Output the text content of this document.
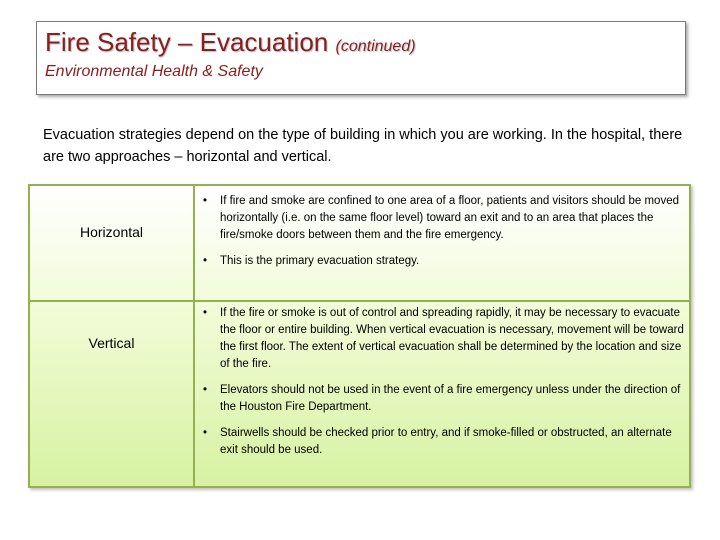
Fire Safety – Evacuation (continued)
Environmental Health & Safety
Evacuation strategies depend on the type of building in which you are working. In the hospital, there are two approaches – horizontal and vertical.
Horizontal
• If fire and smoke are confined to one area of a floor, patients and visitors should be moved horizontally (i.e. on the same floor level) toward an exit and to an area that places the fire/smoke doors between them and the fire emergency.
• This is the primary evacuation strategy.
Vertical
• If the fire or smoke is out of control and spreading rapidly, it may be necessary to evacuate the floor or entire building. When vertical evacuation is necessary, movement will be toward the first floor. The extent of vertical evacuation shall be determined by the location and size of the fire.
• Elevators should not be used in the event of a fire emergency unless under the direction of the Houston Fire Department.
• Stairwells should be checked prior to entry, and if smoke-filled or obstructed, an alternate exit should be used.
